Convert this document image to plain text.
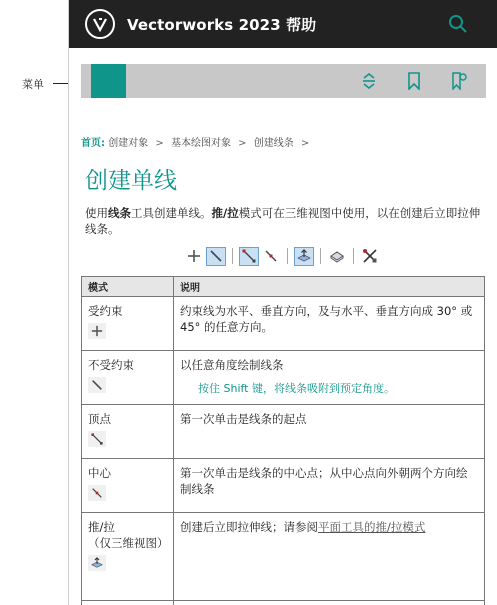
菜单
Vectorworks 2023 帮助
首页: 创建对象 > 基本绘图对象 > 创建线条 >
创建单线

使用线条工具创建单线。推/拉模式可在三维视图中使用，以在创建后立即拉伸线条。

模式	说明

受约束	约束线为水平、垂直方向，及与水平、垂直方向成 30° 或 45° 的任意方向。

不受约束	以任意角度绘制线条
按住 Shift 键，将线条吸附到预定角度。

顶点	第一次单击是线条的起点

中心	第一次单击是线条的中心点；从中心点向外朝两个方向绘制线条

推/拉
（仅三维视图）	创建后立即拉伸线；请参阅平面工具的推/拉模式
